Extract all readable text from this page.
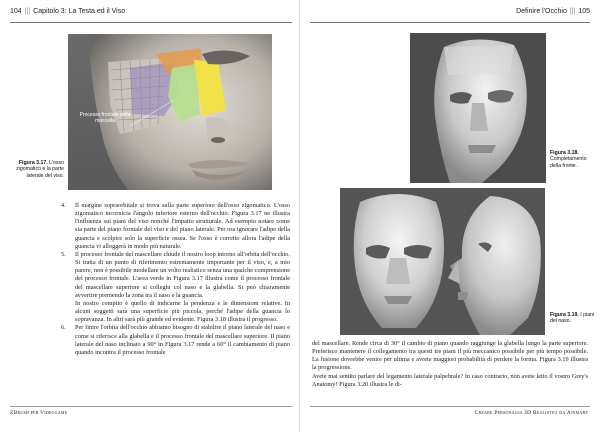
104 ||| Capitolo 3: La Testa ed il Viso
Processo frontale della mascella
Figura 3.17. L'osso zigomatico e la parte laterale del viso.

4. Il margine sopraorbitale si trova sulla parte superiore dell'osso zigomatico. L'osso zigomatico incornicia l'angolo inferiore esterno dell'occhio. Figura 3.17 ne illustra l'influenza sui piani del viso nonché l'impatto strutturale. Ad esempio notare come sia parte del piano frontale del viso e del piano laterale. Per ora ignorare l'adipe della guancia e scolpire solo la superficie ossea. Se l'osso è corretto allora l'adipe della guancia vi alloggerà in modo più naturale.

5. Il processo frontale del mascellare chiude il nostro loop intorno all'orbita dell'occhio. Si tratta di un punto di riferimento estremamente importante per il viso, e, a mio parere, non è possibile modellare un volto realistico senza una qualche comprensione del processo frontale. L'area verde in Figura 3.17 illustra come il processo frontale del mascellare superiore si colleghi col naso e la glabella. Si può chiaramente avvertire premendo la zona tra il naso e la guancia.

In nostro compito è quello di indicarne la pendenza e le dimensioni relative. In alcuni soggetti sarà una superficie più piccola, perché l'adipe della guancia lo sopravanza. In altri sarà più grande ed evidente. Figura 3.18 illustra il progresso.

6. Per finire l'orbita dell'occhio abbiamo bisogno di stabilire il piano laterale del naso e come si riferisce alla glabella e il processo frontale del mascellare superiore. Il piano laterale del naso inclinato a 90° in Figura 3.17 rende a 60° il cambiamento di piano quando incontra il processo frontale

ZBrush per Videogame
Definire l'Occhio ||| 105
Figura 3.18. Completamento della fronte.
Figura 3.19. I piani del naso.

del mascellare. Rende circa di 30° il cambio di piano quando raggiunge la glabella lungo la parte superiore. Preferisco mantenere il collegamento tra questi tre piani il più meccanico possibile per più tempo possibile. La fusione dovrebbe venire per ultima e avrete maggiori probabilità di perdere la forma. Figura 3.19 illustra la progressione.

Avete mai sentito parlare del legamento laterale palpebrale? In caso contrario, non avete letto il vostro Grey's Anatomy! Figura 3.20 illustra le di-

Creare Personaggi 3D Realistici da Animare
